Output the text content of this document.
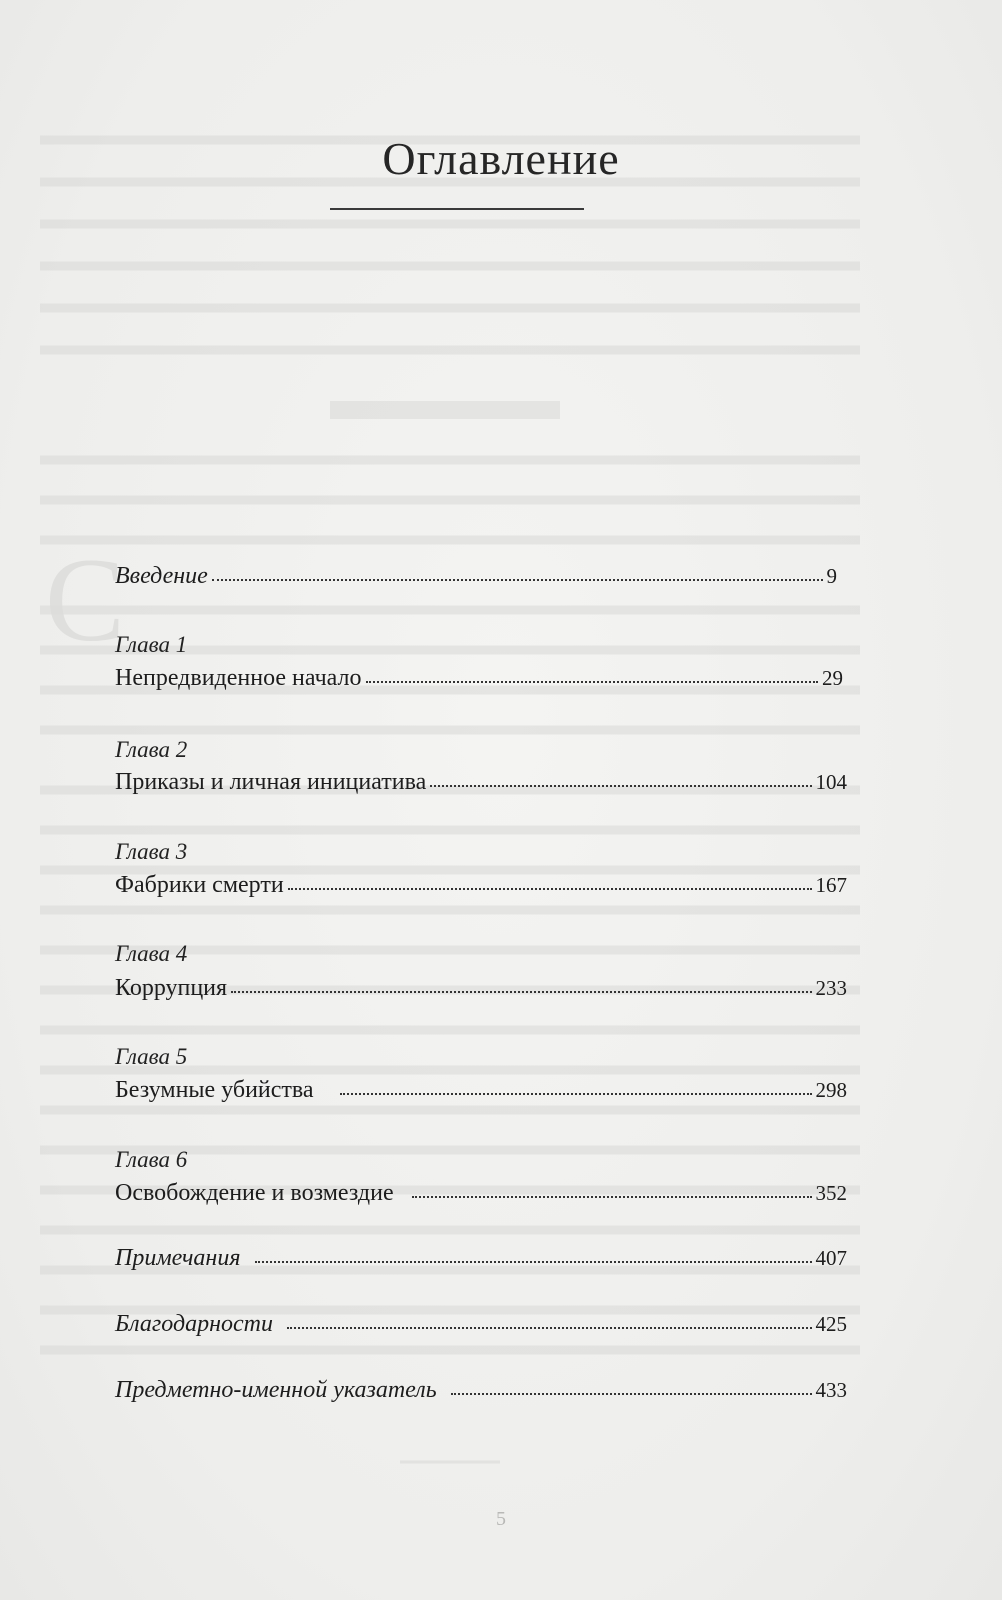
С
Оглавление
Введение	9
Глава 1
Непредвиденное начало	29
Глава 2
Приказы и личная инициатива	104
Глава 3
Фабрики смерти	167
Глава 4
Коррупция	233
Глава 5
Безумные убийства	298
Глава 6
Освобождение и возмездие	352
Примечания	407
Благодарности	425
Предметно-именной указатель	433
5
